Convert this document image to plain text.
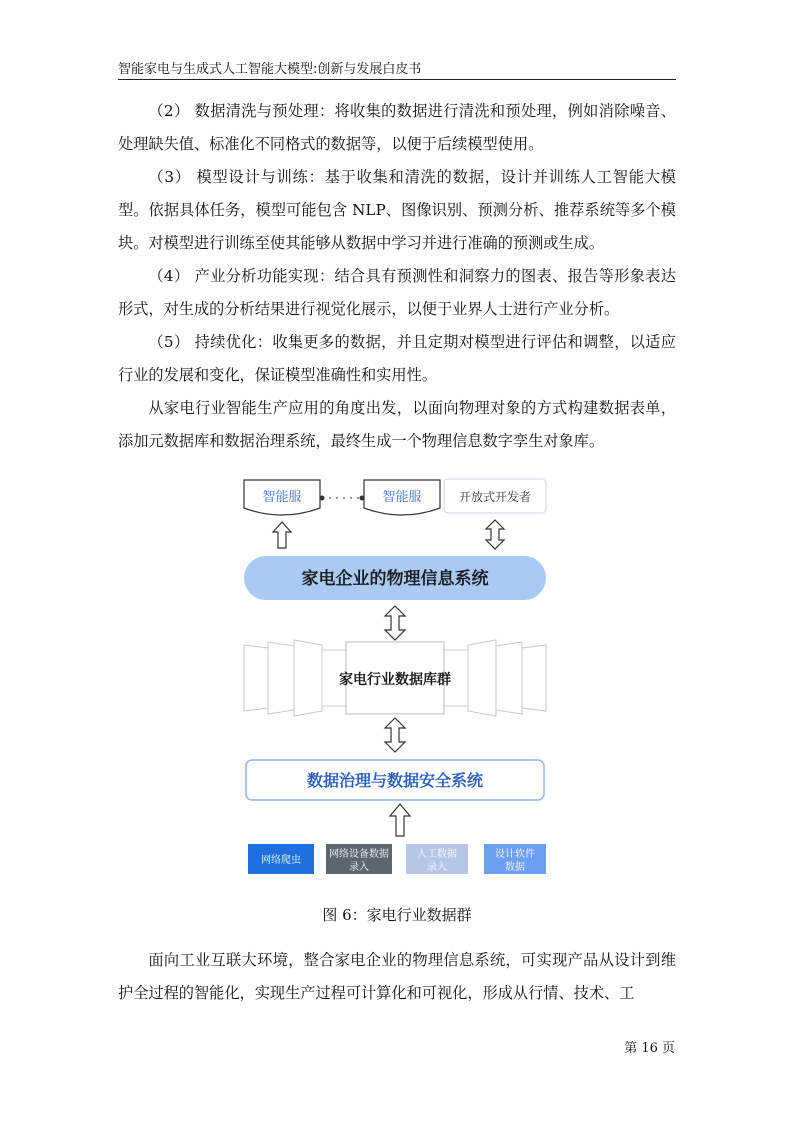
智能家电与生成式人工智能大模型:创新与发展白皮书

（2） 数据清洗与预处理：将收集的数据进行清洗和预处理，例如消除噪音、处理缺失值、标准化不同格式的数据等，以便于后续模型使用。

（3） 模型设计与训练：基于收集和清洗的数据，设计并训练人工智能大模型。依据具体任务，模型可能包含 NLP、图像识别、预测分析、推荐系统等多个模块。对模型进行训练至使其能够从数据中学习并进行准确的预测或生成。

（4） 产业分析功能实现：结合具有预测性和洞察力的图表、报告等形象表达形式，对生成的分析结果进行视觉化展示，以便于业界人士进行产业分析。

（5） 持续优化：收集更多的数据，并且定期对模型进行评估和调整，以适应行业的发展和变化，保证模型准确性和实用性。

从家电行业智能生产应用的角度出发，以面向物理对象的方式构建数据表单，添加元数据库和数据治理系统，最终生成一个物理信息数字孪生对象库。

智能服	智能服	开放式开发者
家电企业的物理信息系统
家电行业数据库群
数据治理与数据安全系统
网络爬虫
网络设备数据
录入
人工数据
录入
设计软件
数据
图 6：家电行业数据群

面向工业互联大环境，整合家电企业的物理信息系统，可实现产品从设计到维护全过程的智能化，实现生产过程可计算化和可视化，形成从行情、技术、工

第 16 页
